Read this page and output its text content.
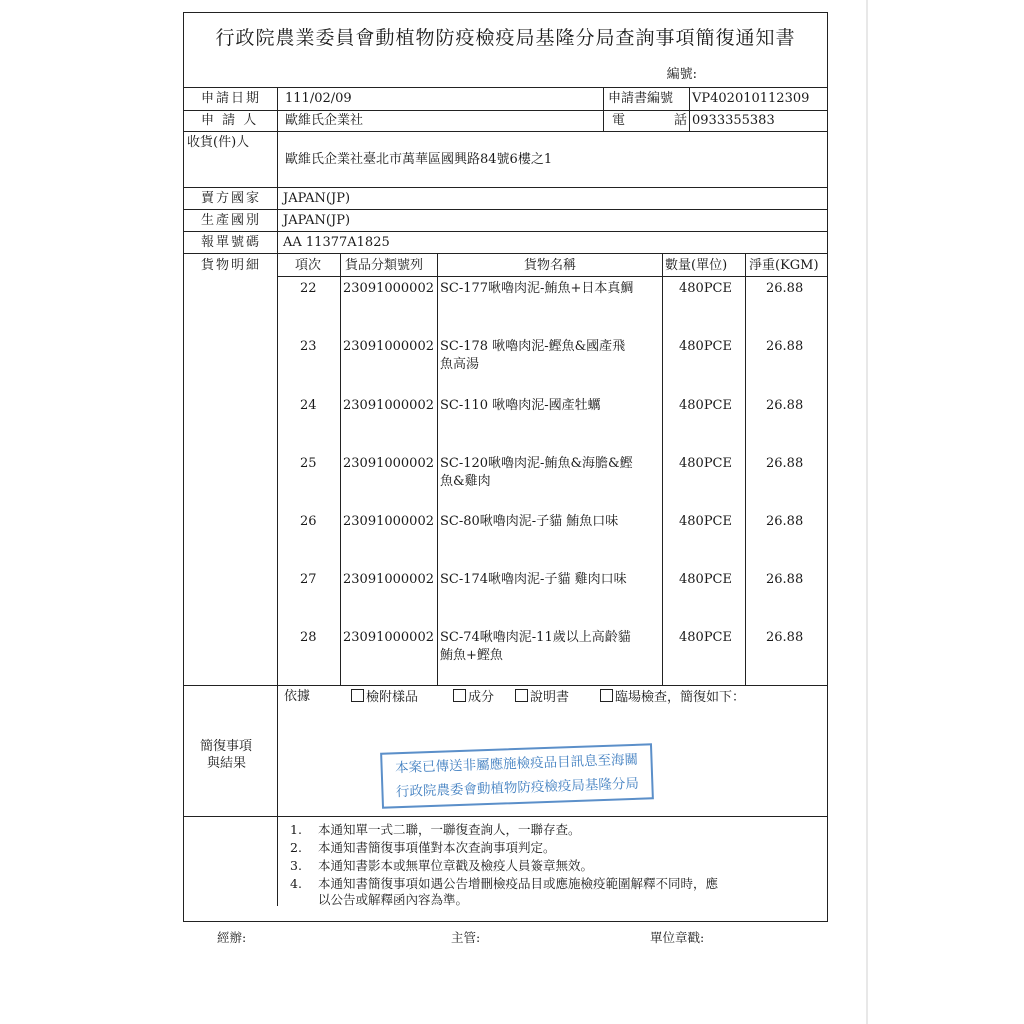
行政院農業委員會動植物防疫檢疫局基隆分局查詢事項簡復通知書
編號:
申請日期 111/02/09	申請書編號 VP402010112309
申 請 人 歐維氏企業社	電	話 0933355383
收貨(件)人
歐維氏企業社臺北市萬華區國興路84號6樓之1
賣方國家 JAPAN(JP)
生產國別 JAPAN(JP)
報單號碼 AA 11377A1825
貨物明細	項次 貨品分類號列	貨物名稱	數量(單位) 淨重(KGM)
22 23091000002 SC-177啾嚕肉泥-鮪魚+日本真鯛	480PCE	26.88
23 23091000002 SC-178 啾嚕肉泥-鰹魚&國產飛
魚高湯
480PCE	26.88
24 23091000002 SC-110 啾嚕肉泥-國產牡蠣	480PCE	26.88
25 23091000002 SC-120啾嚕肉泥-鮪魚&海膽&鰹
魚&雞肉
480PCE	26.88
26 23091000002 SC-80啾嚕肉泥-子貓 鮪魚口味	480PCE	26.88
27 23091000002 SC-174啾嚕肉泥-子貓 雞肉口味	480PCE	26.88
28 23091000002 SC-74啾嚕肉泥-11歲以上高齡貓
鮪魚+鰹魚
480PCE	26.88
簡復事項
與結果
依據	檢附樣品	成分	說明書	臨場檢查，簡復如下：
本案已傳送非屬應施檢疫品目訊息至海關
行政院農委會動植物防疫檢疫局基隆分局
1. 本通知單一式二聯，一聯復查詢人，一聯存查。
2. 本通知書簡復事項僅對本次查詢事項判定。
3. 本通知書影本或無單位章戳及檢疫人員簽章無效。
4. 本通知書簡復事項如遇公告增刪檢疫品目或應施檢疫範圍解釋不同時，應
以公告或解釋函內容為準。
經辦:	主管:	單位章戳:
